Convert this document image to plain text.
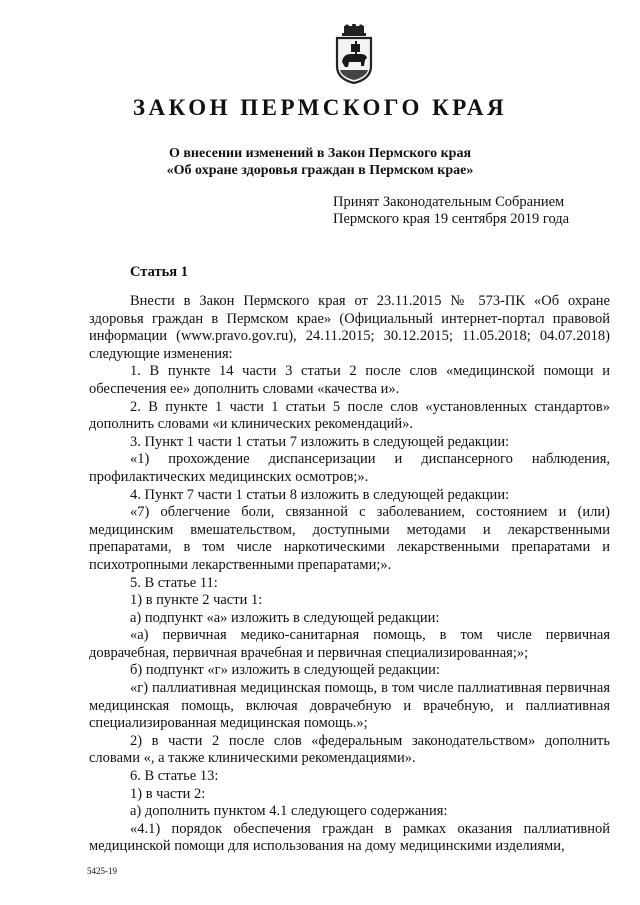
ЗАКОН ПЕРМСКОГО КРАЯ
О внесении изменений в Закон Пермского края
«Об охране здоровья граждан в Пермском крае»
Принят Законодательным Собранием
Пермского края 19 сентября 2019 года
Статья 1

Внести в Закон Пермского края от 23.11.2015 № 573-ПК «Об охране здоровья граждан в Пермском крае» (Официальный интернет-портал правовой информации (www.pravo.gov.ru), 24.11.2015; 30.12.2015; 11.05.2018; 04.07.2018) следующие изменения:

1. В пункте 14 части 3 статьи 2 после слов «медицинской помощи и обеспечения ее» дополнить словами «качества и».

2. В пункте 1 части 1 статьи 5 после слов «установленных стандартов» дополнить словами «и клинических рекомендаций».

3. Пункт 1 части 1 статьи 7 изложить в следующей редакции:

«1) прохождение диспансеризации и диспансерного наблюдения, профилактических медицинских осмотров;».

4. Пункт 7 части 1 статьи 8 изложить в следующей редакции:

«7) облегчение боли, связанной с заболеванием, состоянием и (или) медицинским вмешательством, доступными методами и лекарственными препаратами, в том числе наркотическими лекарственными препаратами и психотропными лекарственными препаратами;».

5. В статье 11:

1) в пункте 2 части 1:

а) подпункт «а» изложить в следующей редакции:

«а) первичная медико-санитарная помощь, в том числе первичная доврачебная, первичная врачебная и первичная специализированная;»;

б) подпункт «г» изложить в следующей редакции:

«г) паллиативная медицинская помощь, в том числе паллиативная первичная медицинская помощь, включая доврачебную и врачебную, и паллиативная специализированная медицинская помощь.»;

2) в части 2 после слов «федеральным законодательством» дополнить словами «, а также клиническими рекомендациями».

6. В статье 13:

1) в части 2:

а) дополнить пунктом 4.1 следующего содержания:

«4.1) порядок обеспечения граждан в рамках оказания паллиативной медицинской помощи для использования на дому медицинскими изделиями,

5425-19
